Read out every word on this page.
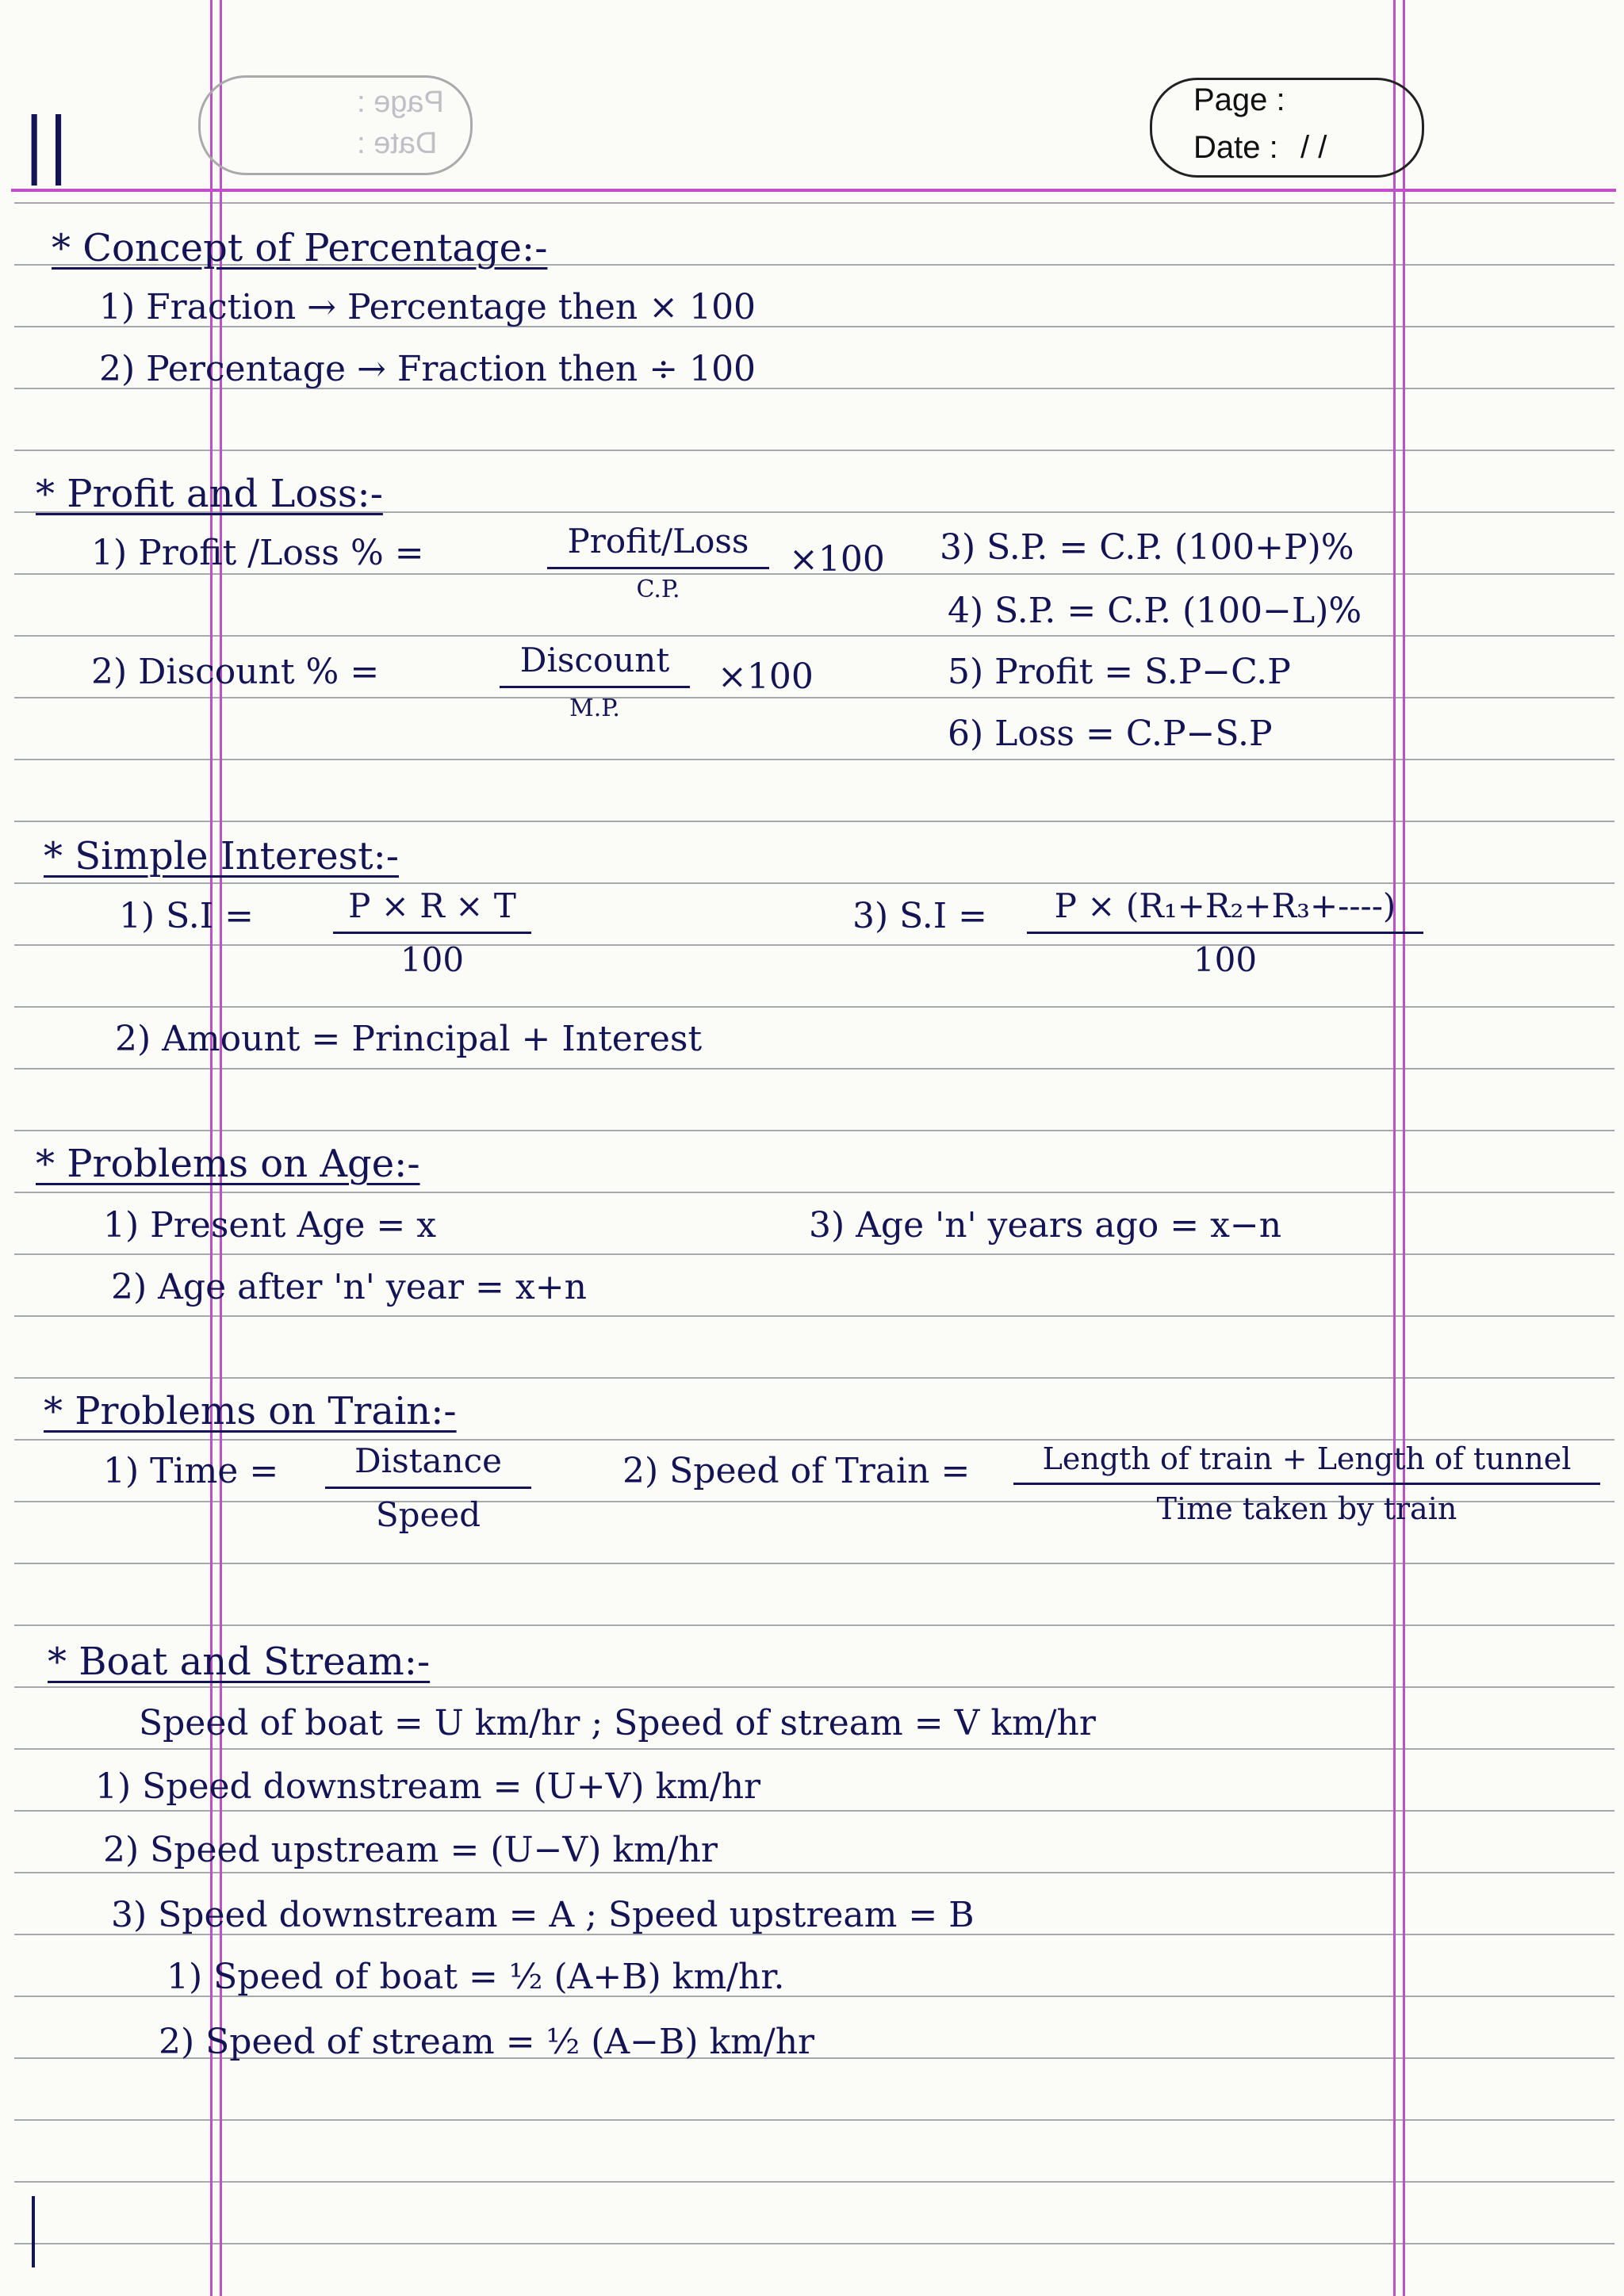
||
Page :
Date :
Page :
Date : / /
* Concept of Percentage:-
1) Fraction → Percentage then × 100
2) Percentage → Fraction then ÷ 100
* Profit and Loss:-
1) Profit /Loss % =	Profit/Loss
C.P.
×100 3) S.P. = C.P. (100+P)%
4) S.P. = C.P. (100−L)%
2) Discount % =	Discount
M.P.
×100	5) Profit = S.P−C.P
6) Loss = C.P−S.P
* Simple Interest:-
1) S.I =	P × R × T
100
3) S.I =	P × (R₁+R₂+R₃+----)
100
2) Amount = Principal + Interest
* Problems on Age:-
1) Present Age = x	3) Age 'n' years ago = x−n
2) Age after 'n' year = x+n
* Problems on Train:-
1) Time =	Distance
Speed
2) Speed of Train =	Length of train + Length of tunnel
Time taken by train
* Boat and Stream:-
Speed of boat = U km/hr ; Speed of stream = V km/hr
1) Speed downstream = (U+V) km/hr
2) Speed upstream = (U−V) km/hr
3) Speed downstream = A ; Speed upstream = B
1) Speed of boat = ½ (A+B) km/hr.
2) Speed of stream = ½ (A−B) km/hr
